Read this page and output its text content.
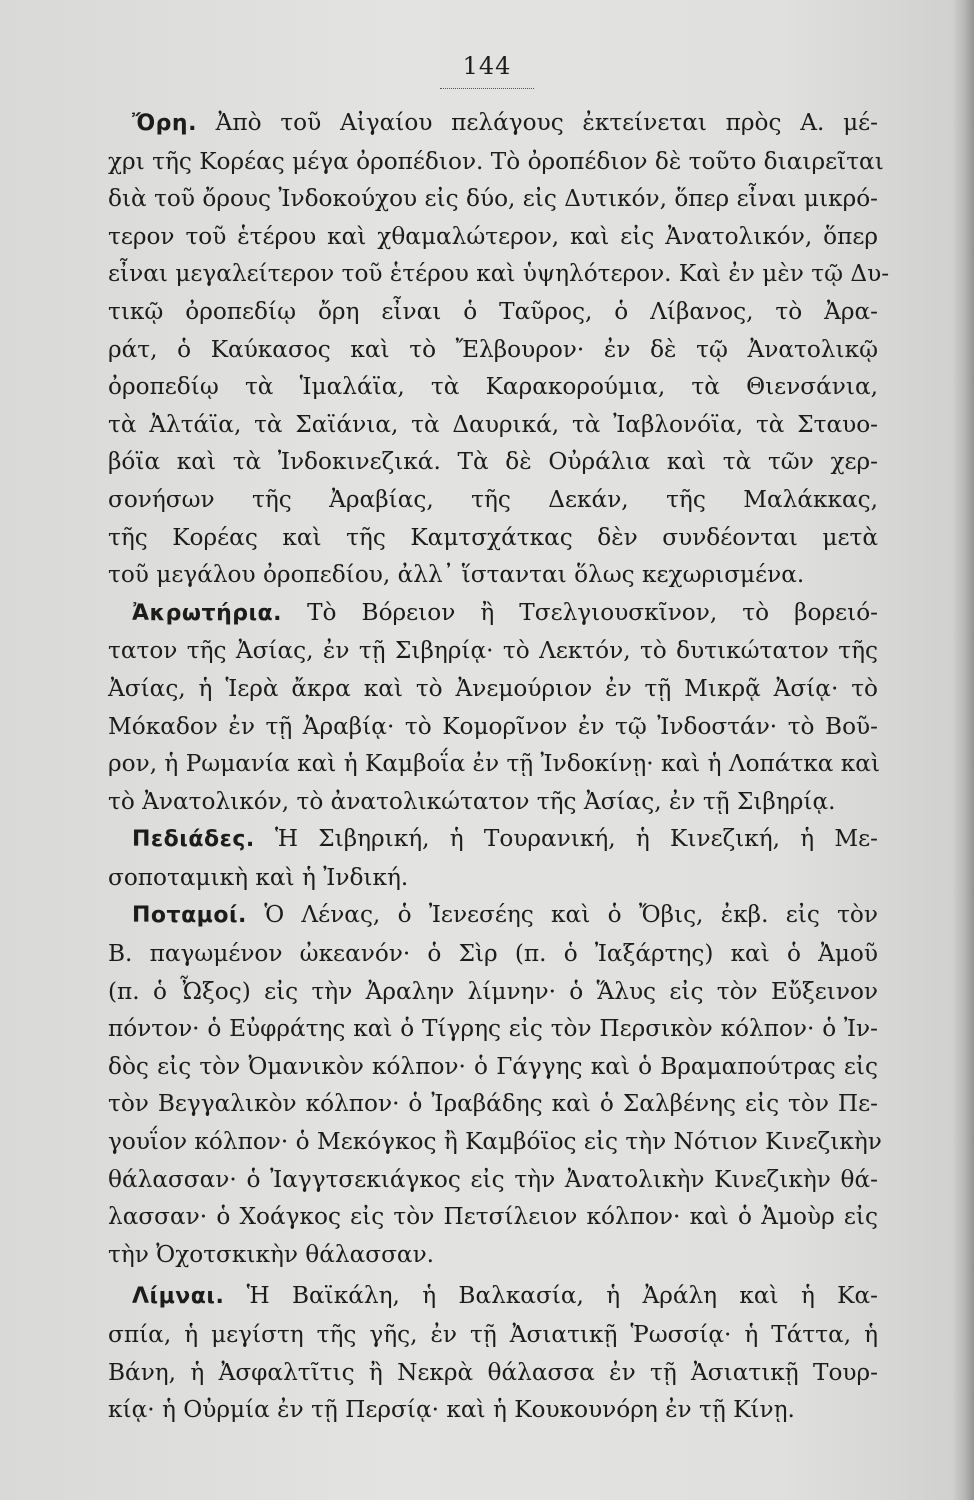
144
Ὄρη. Ἀπὸ τοῦ Αἰγαίου πελάγους ἐκτείνεται πρὸς Α. μέ-
χρι τῆς Κορέας μέγα ὀροπέδιον. Τὸ ὀροπέδιον δὲ τοῦτο διαιρεῖται
διὰ τοῦ ὄρους Ἰνδοκούχου εἰς δύο, εἰς Δυτικόν, ὅπερ εἶναι μικρό-
τερον τοῦ ἑτέρου καὶ χθαμαλώτερον, καὶ εἰς Ἀνατολικόν, ὅπερ
εἶναι μεγαλείτερον τοῦ ἑτέρου καὶ ὑψηλότερον. Καὶ ἐν μὲν τῷ Δυ-
τικῷ ὀροπεδίῳ ὄρη εἶναι ὁ Ταῦρος, ὁ Λίβανος, τὸ Ἀρα-
ράτ, ὁ Καύκασος καὶ τὸ Ἔλβουρον· ἐν δὲ τῷ Ἀνατολικῷ
ὀροπεδίῳ τὰ Ἱμαλάϊα, τὰ Καρακορούμια, τὰ Θιενσάνια,
τὰ Ἀλτάϊα, τὰ Σαϊάνια, τὰ Δαυρικά, τὰ Ἰαβλονόϊα, τὰ Σταυο-
βόϊα καὶ τὰ Ἰνδοκινεζικά. Τὰ δὲ Οὐράλια καὶ τὰ τῶν χερ-
σονήσων τῆς Ἀραβίας, τῆς Δεκάν, τῆς Μαλάκκας,
τῆς Κορέας καὶ τῆς Καμτσχάτκας δὲν συνδέονται μετὰ
τοῦ μεγάλου ὀροπεδίου, ἀλλ᾿ ἵστανται ὅλως κεχωρισμένα.
Ἀκρωτήρια. Τὸ Βόρειον ἢ Τσελγιουσκῖνον, τὸ βορειό-
τατον τῆς Ἀσίας, ἐν τῇ Σιβηρίᾳ· τὸ Λεκτόν, τὸ δυτικώτατον τῆς
Ἀσίας, ἡ Ἱερὰ ἄκρα καὶ τὸ Ἀνεμούριον ἐν τῇ Μικρᾷ Ἀσίᾳ· τὸ
Μόκαδον ἐν τῇ Ἀραβίᾳ· τὸ Κομορῖνον ἐν τῷ Ἰνδοστάν· τὸ Βοῦ-
ρον, ἡ Ρωμανία καὶ ἡ Καμβοΐα ἐν τῇ Ἰνδοκίνῃ· καὶ ἡ Λοπάτκα καὶ
τὸ Ἀνατολικόν, τὸ ἀνατολικώτατον τῆς Ἀσίας, ἐν τῇ Σιβηρίᾳ.
Πεδιάδες. Ἡ Σιβηρική, ἡ Τουρανική, ἡ Κινεζική, ἡ Με-
σοποταμικὴ καὶ ἡ Ἰνδική.
Ποταμοί. Ὁ Λένας, ὁ Ἰενεσέης καὶ ὁ Ὄβις, ἐκβ. εἰς τὸν
Β. παγωμένον ὠκεανόν· ὁ Σὶρ (π. ὁ Ἰαξάρτης) καὶ ὁ Ἀμοῦ
(π. ὁ Ὦξος) εἰς τὴν Ἀραλην λίμνην· ὁ Ἅλυς εἰς τὸν Εὔξεινον
πόντον· ὁ Εὐφράτης καὶ ὁ Τίγρης εἰς τὸν Περσικὸν κόλπον· ὁ Ἰν-
δὸς εἰς τὸν Ὀμανικὸν κόλπον· ὁ Γάγγης καὶ ὁ Βραμαπούτρας εἰς
τὸν Βεγγαλικὸν κόλπον· ὁ Ἰραβάδης καὶ ὁ Σαλβένης εἰς τὸν Πε-
γουΐον κόλπον· ὁ Μεκόγκος ἢ Καμβόϊος εἰς τὴν Νότιον Κινεζικὴν
θάλασσαν· ὁ Ἰαγγτσεκιάγκος εἰς τὴν Ἀνατολικὴν Κινεζικὴν θά-
λασσαν· ὁ Χοάγκος εἰς τὸν Πετσίλειον κόλπον· καὶ ὁ Ἀμοὺρ εἰς
τὴν Ὀχοτσκικὴν θάλασσαν.
Λίμναι. Ἡ Βαϊκάλη, ἡ Βαλκασία, ἡ Ἀράλη καὶ ἡ Κα-
σπία, ἡ μεγίστη τῆς γῆς, ἐν τῇ Ἀσιατικῇ Ῥωσσίᾳ· ἡ Τάττα, ἡ
Βάνη, ἡ Ἀσφαλτῖτις ἢ Νεκρὰ θάλασσα ἐν τῇ Ἀσιατικῇ Τουρ-
κίᾳ· ἡ Οὐρμία ἐν τῇ Περσίᾳ· καὶ ἡ Κουκουνόρη ἐν τῇ Κίνῃ.
